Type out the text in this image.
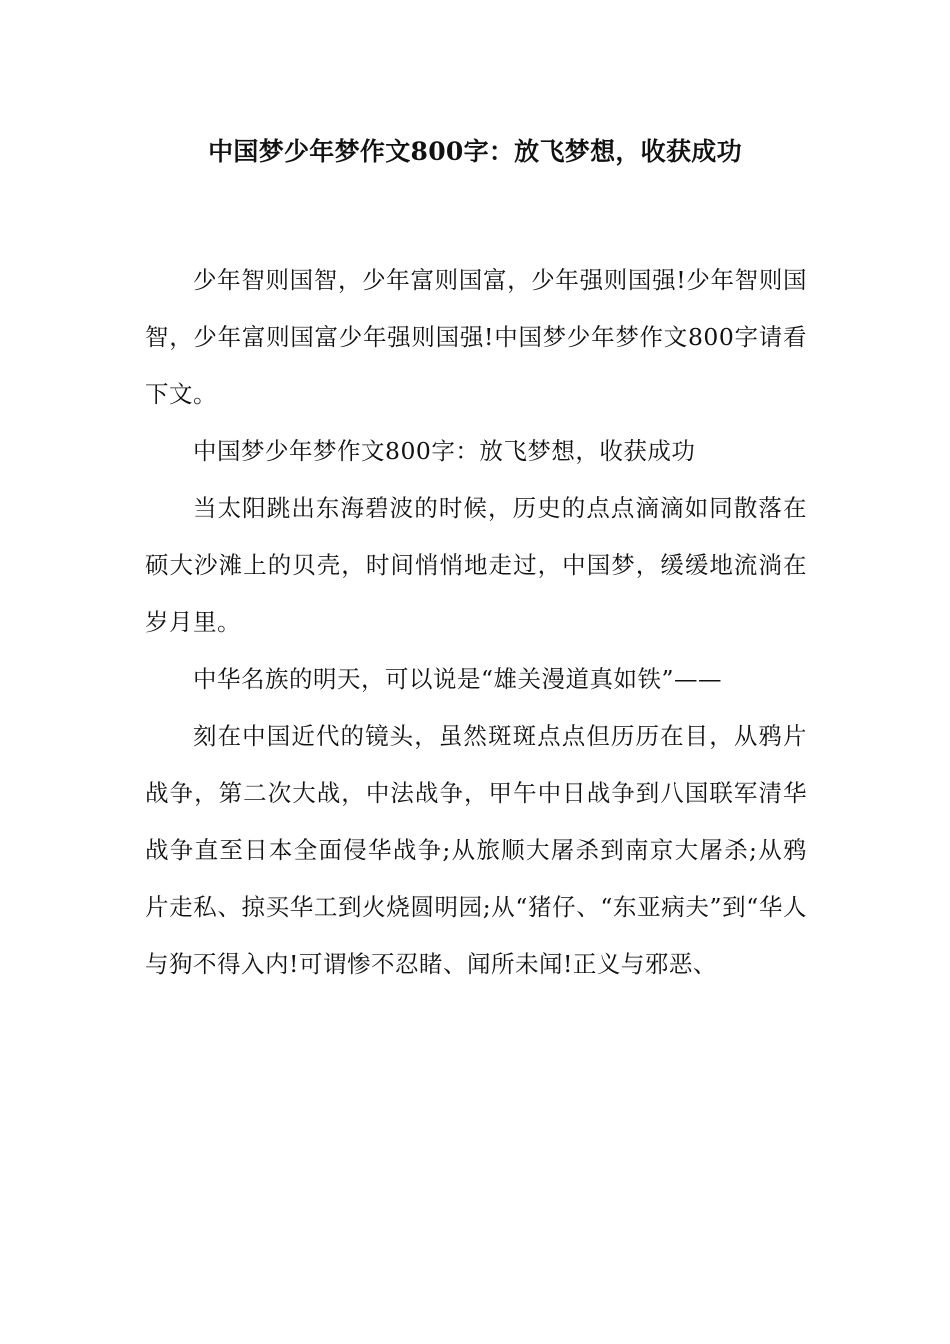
中国梦少年梦作文800字：放飞梦想，收获成功

少年智则国智，少年富则国富，少年强则国强!少年智则国智，少年富则国富少年强则国强!中国梦少年梦作文800字请看下文。

中国梦少年梦作文800字：放飞梦想，收获成功

当太阳跳出东海碧波的时候，历史的点点滴滴如同散落在硕大沙滩上的贝壳，时间悄悄地走过，中国梦，缓缓地流淌在岁月里。

中华名族的明天，可以说是“雄关漫道真如铁”——

刻在中国近代的镜头，虽然斑斑点点但历历在目，从鸦片战争，第二次大战，中法战争，甲午中日战争到八国联军清华战争直至日本全面侵华战争;从旅顺大屠杀到南京大屠杀;从鸦片走私、掠买华工到火烧圆明园;从“猪仔、“东亚病夫”到“华人与狗不得入内!可谓惨不忍睹、闻所未闻!正义与邪恶、
